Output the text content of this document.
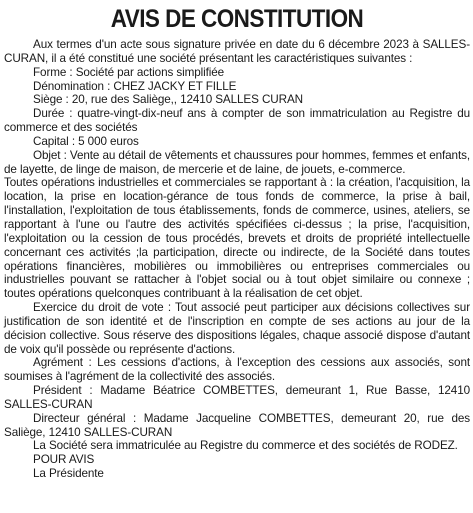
AVIS DE CONSTITUTION

Aux termes d'un acte sous signature privée en date du 6 décembre 2023 à SALLES-CURAN, il a été constitué une société présentant les caractéristiques suivantes :

Forme : Société par actions simplifiée

Dénomination : CHEZ JACKY ET FILLE

Siège : 20, rue des Saliège,, 12410 SALLES CURAN

Durée : quatre-vingt-dix-neuf ans à compter de son immatriculation au Registre du commerce et des sociétés

Capital : 5 000 euros

Objet : Vente au détail de vêtements et chaussures pour hommes, femmes et enfants, de layette, de linge de maison, de mercerie et de laine, de jouets, e-commerce.

Toutes opérations industrielles et commerciales se rapportant à : la création, l'acquisition, la location, la prise en location-gérance de tous fonds de commerce, la prise à bail, l'installation, l'exploitation de tous établissements, fonds de commerce, usines, ateliers, se rapportant à l'une ou l'autre des activités spécifiées ci-dessus ; la prise, l'acquisition, l'exploitation ou la cession de tous procédés, brevets et droits de propriété intellectuelle concernant ces activités ;la participation, directe ou indirecte, de la Société dans toutes opérations financières, mobilières ou immobilières ou entreprises commerciales ou industrielles pouvant se rattacher à l'objet social ou à tout objet similaire ou connexe ; toutes opérations quelconques contribuant à la réalisation de cet objet.

Exercice du droit de vote : Tout associé peut participer aux décisions collectives sur justification de son identité et de l'inscription en compte de ses actions au jour de la décision collective. Sous réserve des dispositions légales, chaque associé dispose d'autant de voix qu'il possède ou représente d'actions.

Agrément : Les cessions d'actions, à l'exception des cessions aux associés, sont soumises à l'agrément de la collectivité des associés.

Président : Madame Béatrice COMBETTES, demeurant 1, Rue Basse, 12410 SALLES-CURAN

Directeur général : Madame Jacqueline COMBETTES, demeurant 20, rue des Saliège, 12410 SALLES-CURAN

La Société sera immatriculée au Registre du commerce et des sociétés de RODEZ.

POUR AVIS

La Présidente
